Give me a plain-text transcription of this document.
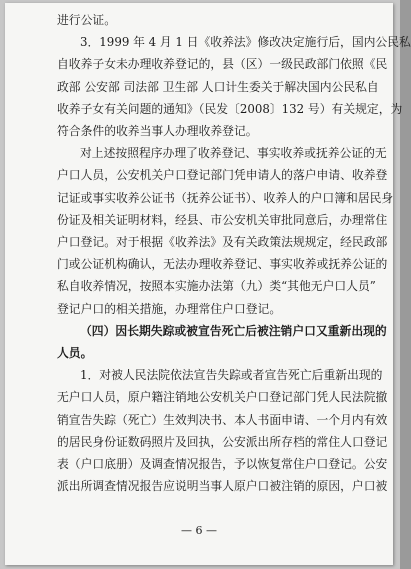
进行公证。
3．1999 年 4 月 1 日《收养法》修改决定施行后，国内公民私
自收养子女未办理收养登记的，县（区）一级民政部门依照《民
政部 公安部 司法部 卫生部 人口计生委关于解决国内公民私自
收养子女有关问题的通知》（民发〔2008〕132 号）有关规定，为
符合条件的收养当事人办理收养登记。
对上述按照程序办理了收养登记、事实收养或抚养公证的无
户口人员，公安机关户口登记部门凭申请人的落户申请、收养登
记证或事实收养公证书（抚养公证书）、收养人的户口簿和居民身
份证及相关证明材料，经县、市公安机关审批同意后，办理常住
户口登记。对于根据《收养法》及有关政策法规规定，经民政部
门或公证机构确认，无法办理收养登记、事实收养或抚养公证的
私自收养情况，按照本实施办法第（九）类“其他无户口人员”
登记户口的相关措施，办理常住户口登记。
（四）因长期失踪或被宣告死亡后被注销户口又重新出现的
人员。
1．对被人民法院依法宣告失踪或者宣告死亡后重新出现的
无户口人员，原户籍注销地公安机关户口登记部门凭人民法院撤
销宣告失踪（死亡）生效判决书、本人书面申请、一个月内有效
的居民身份证数码照片及回执，公安派出所存档的常住人口登记
表（户口底册）及调查情况报告，予以恢复常住户口登记。公安
派出所调查情况报告应说明当事人原户口被注销的原因，户口被
— 6 —
